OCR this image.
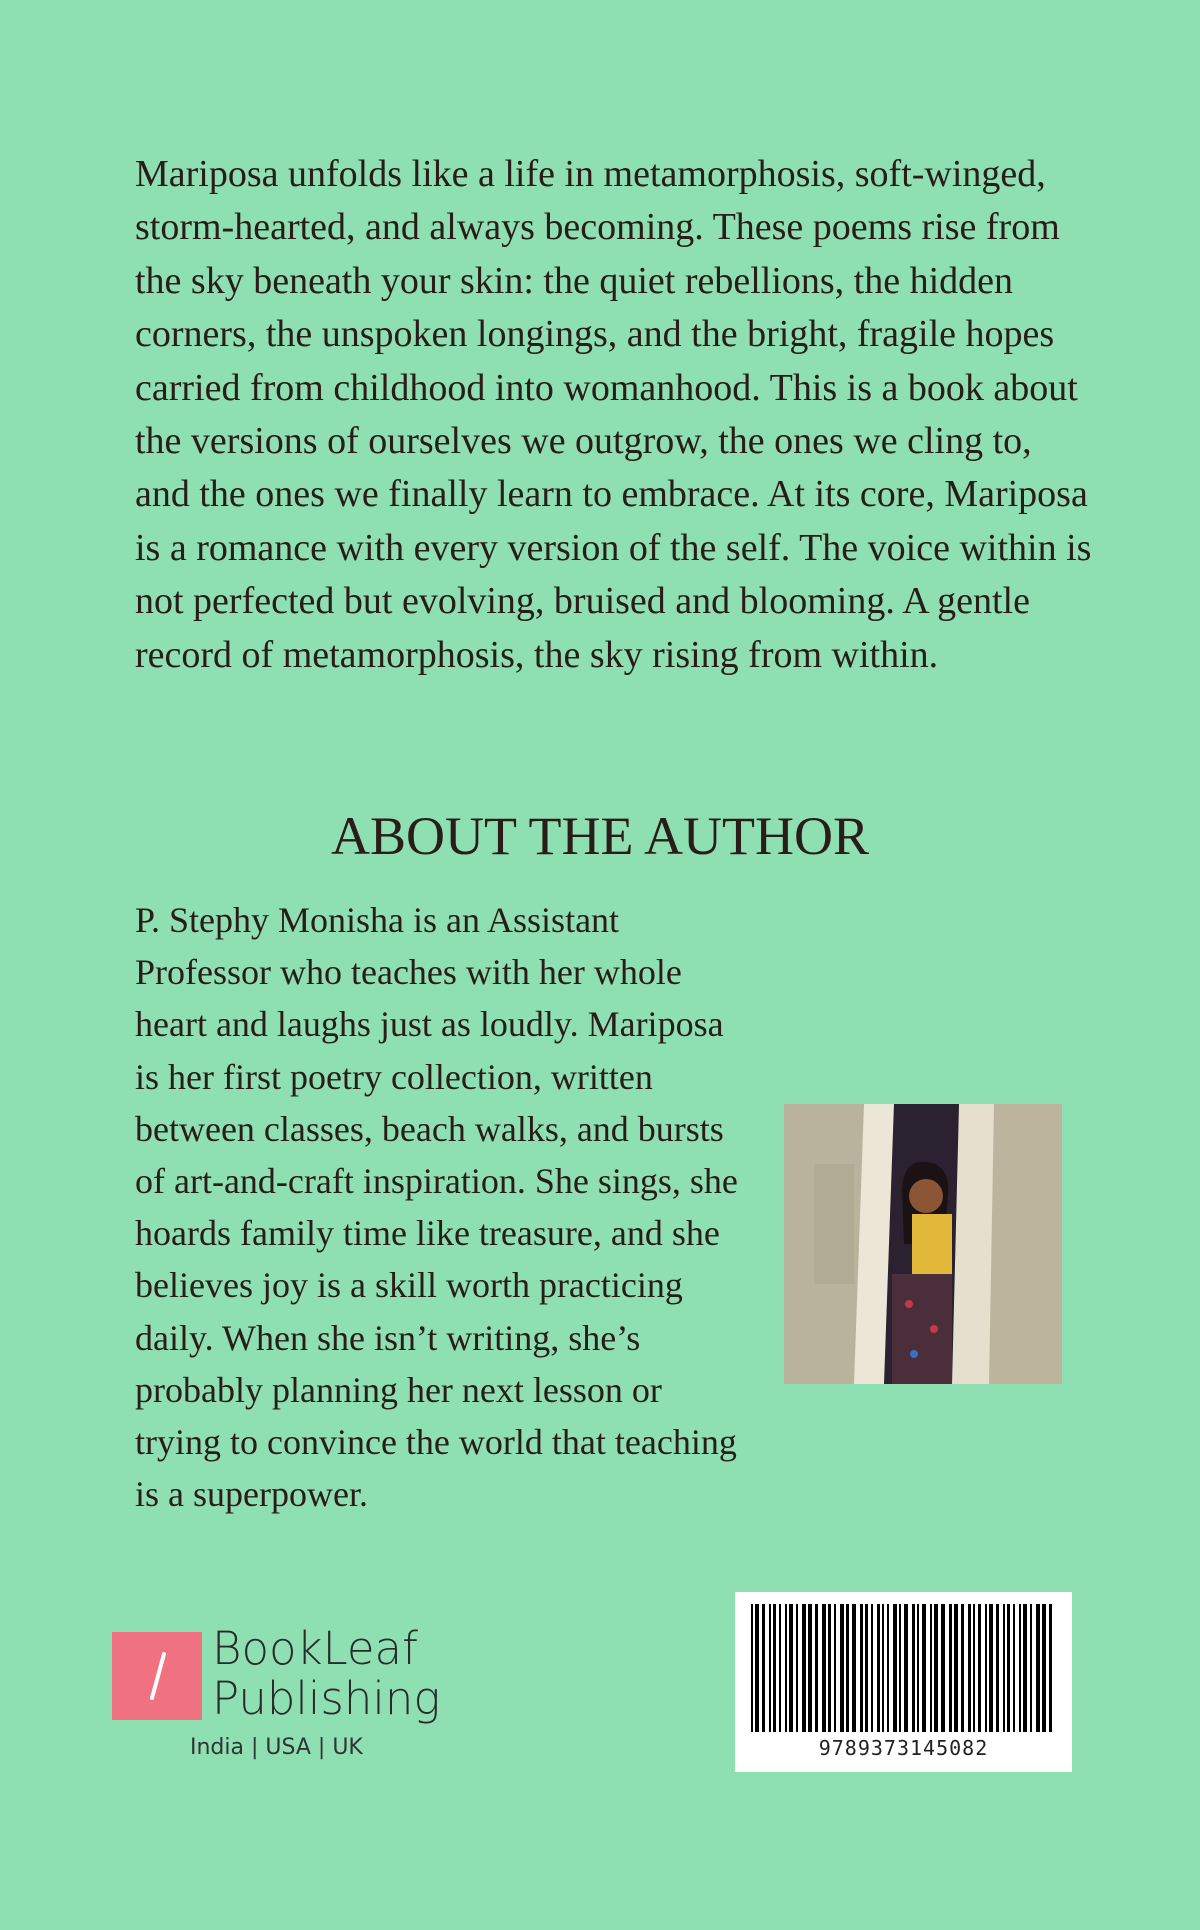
Mariposa unfolds like a life in metamorphosis, soft-winged, storm-hearted, and always becoming. These poems rise from the sky beneath your skin: the quiet rebellions, the hidden corners, the unspoken longings, and the bright, fragile hopes carried from childhood into womanhood. This is a book about the versions of ourselves we outgrow, the ones we cling to, and the ones we finally learn to embrace. At its core, Mariposa is a romance with every version of the self. The voice within is not perfected but evolving, bruised and blooming. A gentle record of metamorphosis, the sky rising from within.

ABOUT THE AUTHOR

P. Stephy Monisha is an Assistant Professor who teaches with her whole heart and laughs just as loudly. Mariposa is her first poetry collection, written between classes, beach walks, and bursts of art-and-craft inspiration. She sings, she hoards family time like treasure, and she believes joy is a skill worth practicing daily. When she isn’t writing, she’s probably planning her next lesson or trying to convince the world that teaching is a superpower.

BookLeaf
Publishing
India | USA | UK	9789373145082
